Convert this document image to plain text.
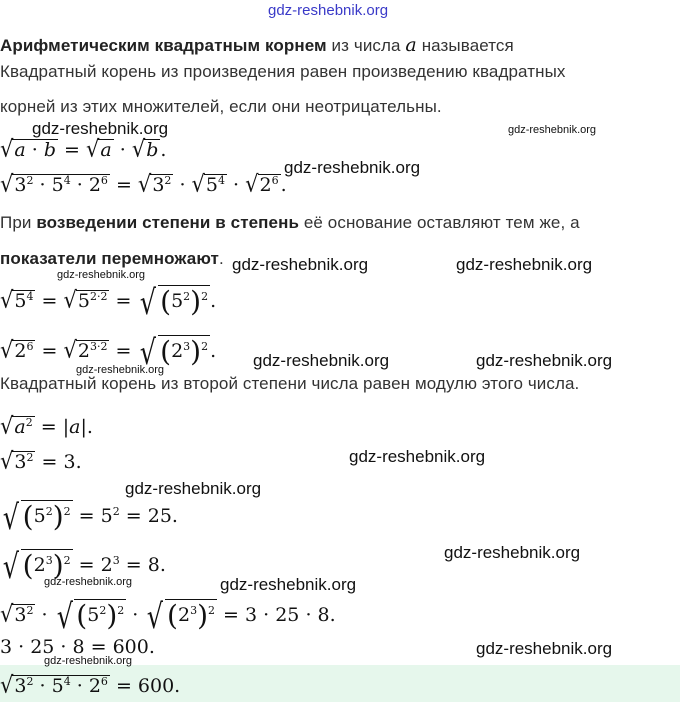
gdz-reshebnik.org
Арифметическим квадратным корнем из числа a называется
Квадратный корень из произведения равен произведению квадратных
корней из этих множителей, если они неотрицательны.
√a · b = √a · √b .
$√3^2 \cdot 5^4 \cdot 2^6 = √3^2 \cdot √5^4 \cdot √2^6$ .
При возведении степени в степень её основание оставляют тем же, а
показатели перемножают.
$√5^4 = √5^{2\cdot 2}$ = √ $(5^2)^2$ .
$√2^6 = √2^{3\cdot 2}$ = √ $(2^3)^2$ .
Квадратный корень из второй степени числа равен модулю этого числа.
$√a^2 = |a|$.
$√3^2 = 3$.
√ $(5^2)^2 = 5^2 = 25$.
√ $(2^3)^2 = 2^3 = 8$.
$√3^2$ · √ $(5^2)^2$ · √ $(2^3)^2 = 3 \cdot 25 \cdot 8$.
3 · 25 · 8 = 600.
$√3^2 \cdot 5^4 \cdot 2^6 = 600$.
gdz-reshebnik.org	gdz-reshebnik.org
gdz-reshebnik.org
gdz-reshebnik.org
gdz-reshebnik.org	gdz-reshebnik.org
gdz-reshebnik.org	gdz-reshebnik.org
gdz-reshebnik.org
gdz-reshebnik.org
gdz-reshebnik.org
gdz-reshebnik.org
gdz-reshebnik.org	gdz-reshebnik.org
gdz-reshebnik.org
gdz-reshebnik.org
